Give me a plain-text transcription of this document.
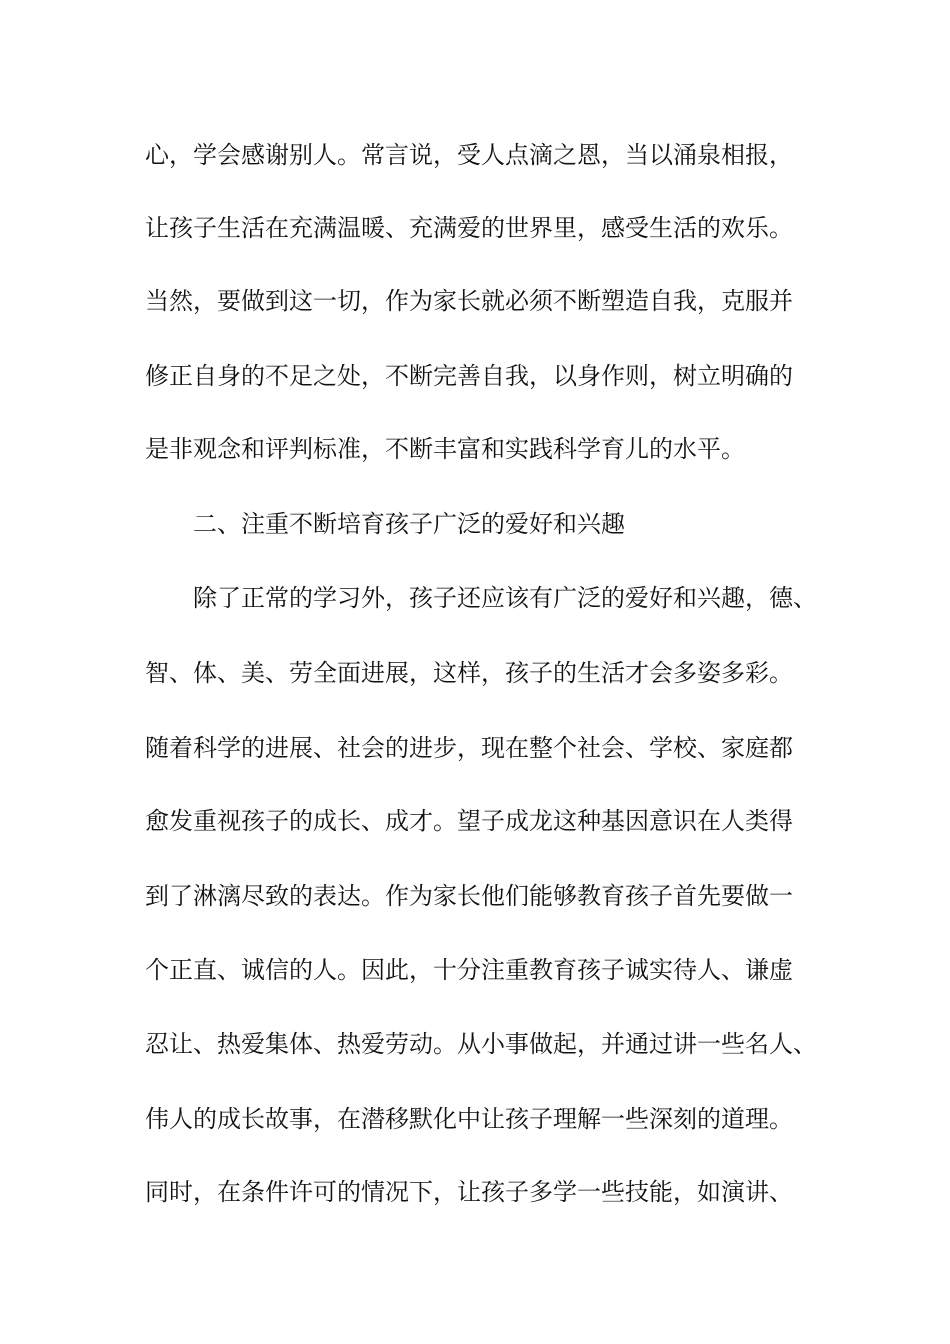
心，学会感谢别人。常言说，受人点滴之恩，当以涌泉相报，

让孩子生活在充满温暖、充满爱的世界里，感受生活的欢乐。

当然，要做到这一切，作为家长就必须不断塑造自我，克服并

修正自身的不足之处，不断完善自我，以身作则，树立明确的

是非观念和评判标准，不断丰富和实践科学育儿的水平。

二、注重不断培育孩子广泛的爱好和兴趣

除了正常的学习外，孩子还应该有广泛的爱好和兴趣，德、

智、体、美、劳全面进展，这样，孩子的生活才会多姿多彩。

随着科学的进展、社会的进步，现在整个社会、学校、家庭都

愈发重视孩子的成长、成才。望子成龙这种基因意识在人类得

到了淋漓尽致的表达。作为家长他们能够教育孩子首先要做一

个正直、诚信的人。因此，十分注重教育孩子诚实待人、谦虚

忍让、热爱集体、热爱劳动。从小事做起，并通过讲一些名人、

伟人的成长故事，在潜移默化中让孩子理解一些深刻的道理。

同时，在条件许可的情况下，让孩子多学一些技能，如演讲、
